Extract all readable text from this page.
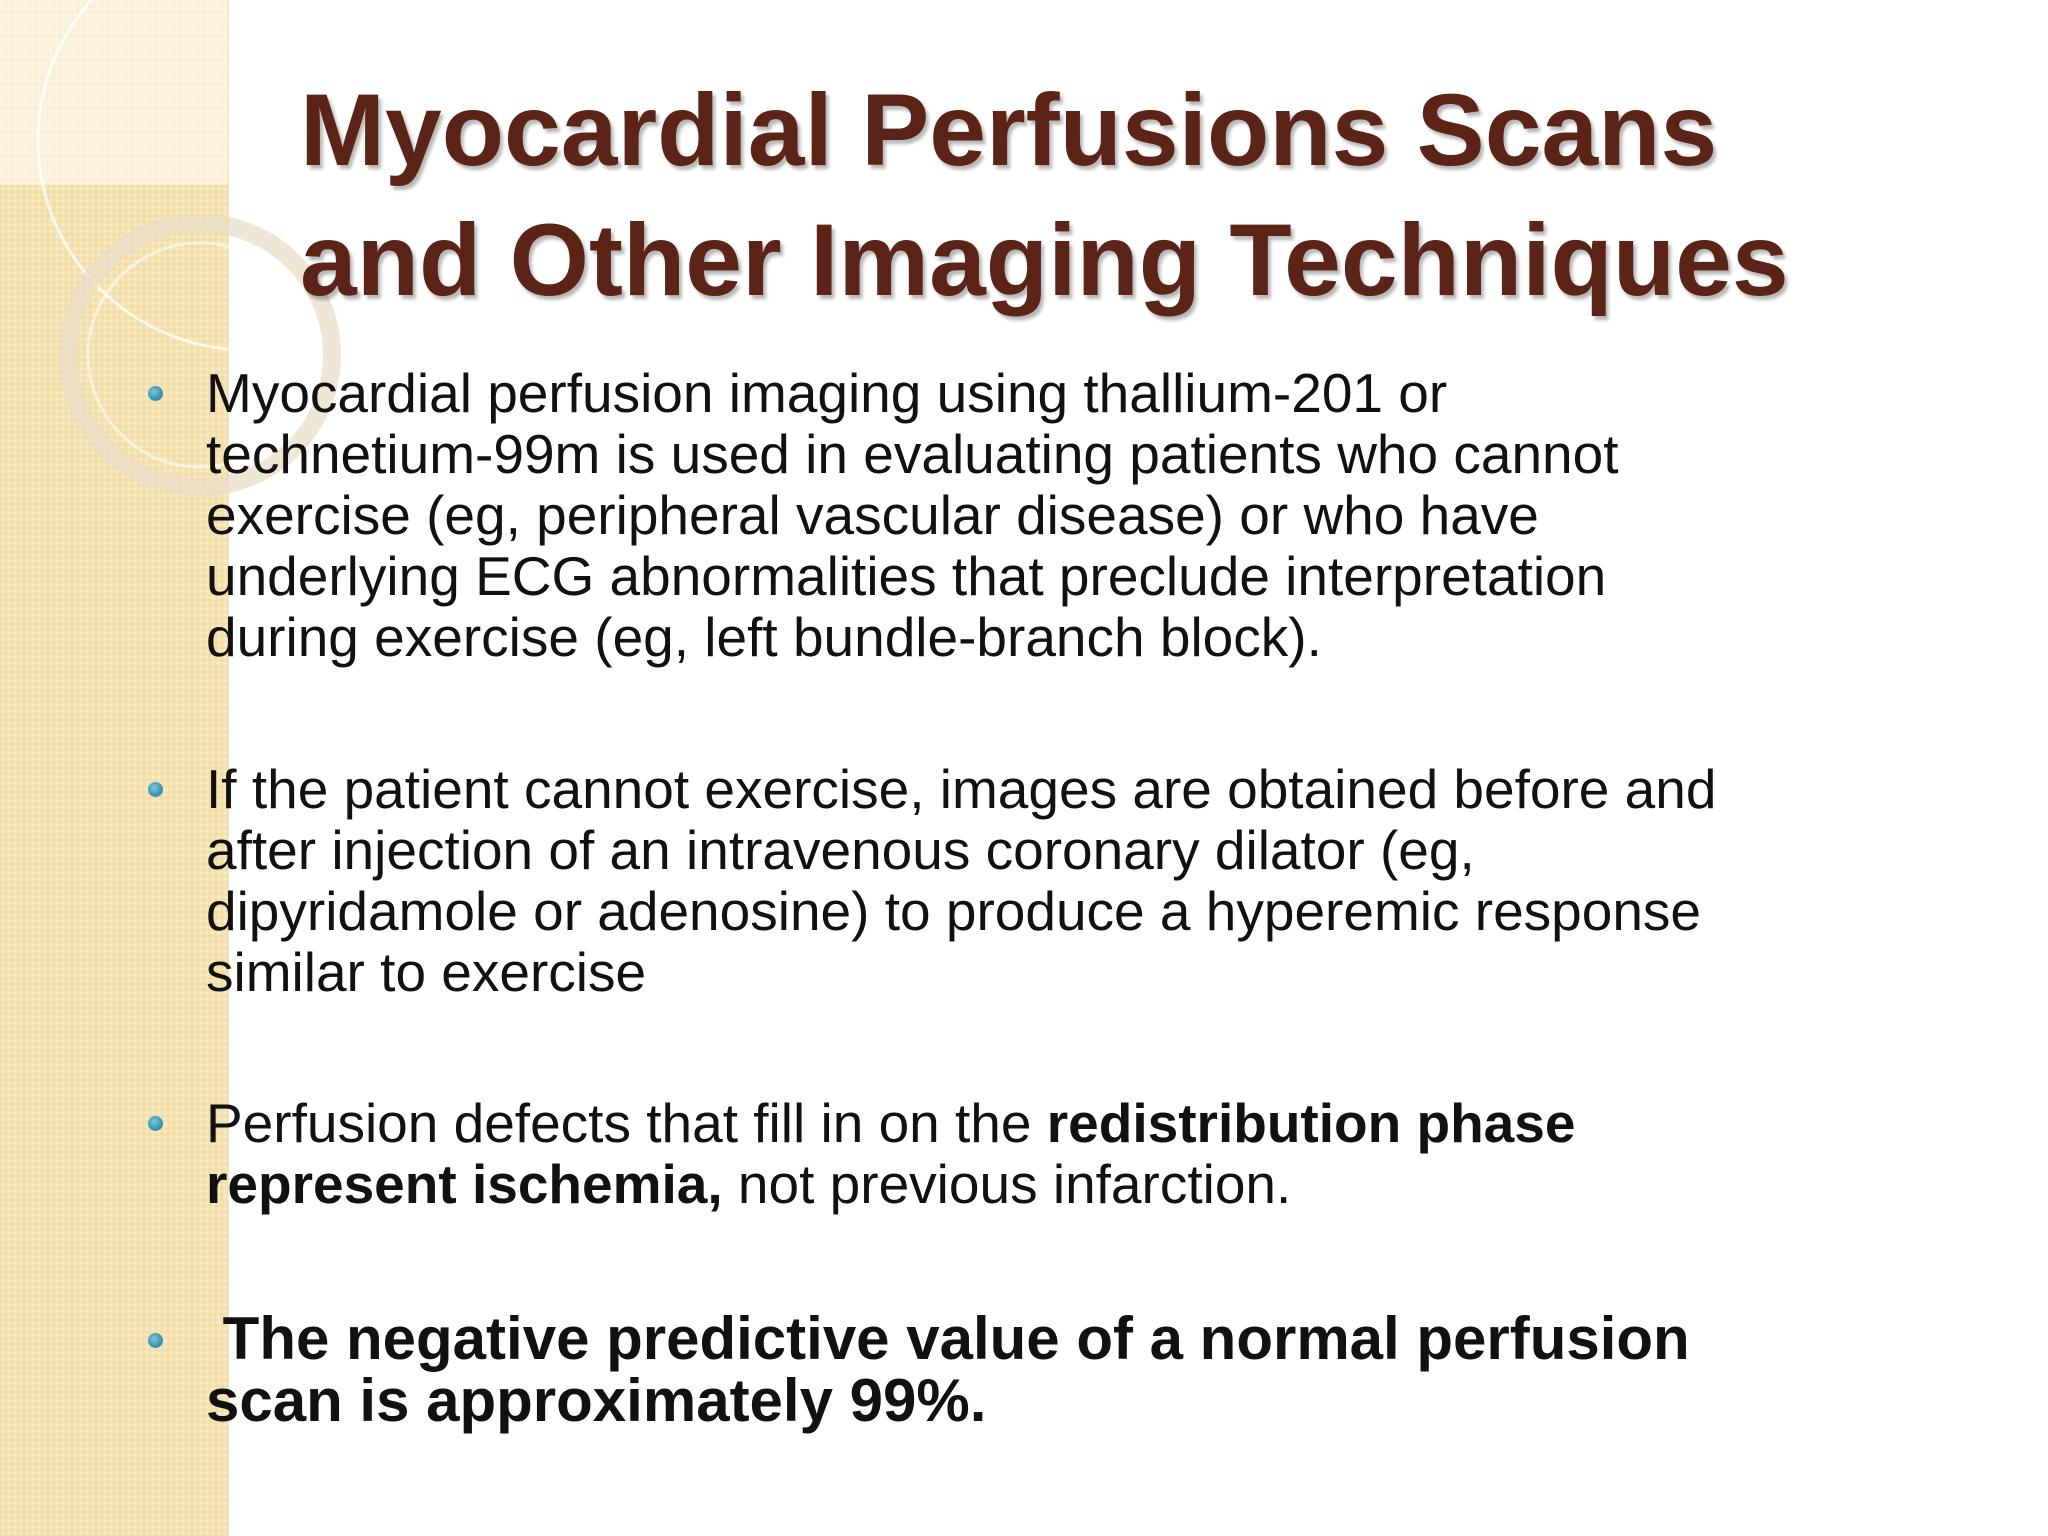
Myocardial Perfusions Scans
and Other Imaging Techniques
Myocardial perfusion imaging using thallium-201 or
technetium-99m is used in evaluating patients who cannot
exercise (eg, peripheral vascular disease) or who have
underlying ECG abnormalities that preclude interpretation
during exercise (eg, left bundle-branch block).
If the patient cannot exercise, images are obtained before and
after injection of an intravenous coronary dilator (eg,
dipyridamole or adenosine) to produce a hyperemic response
similar to exercise
Perfusion defects that fill in on the redistribution phase
represent ischemia, not previous infarction.
The negative predictive value of a normal perfusion
scan is approximately 99%.
